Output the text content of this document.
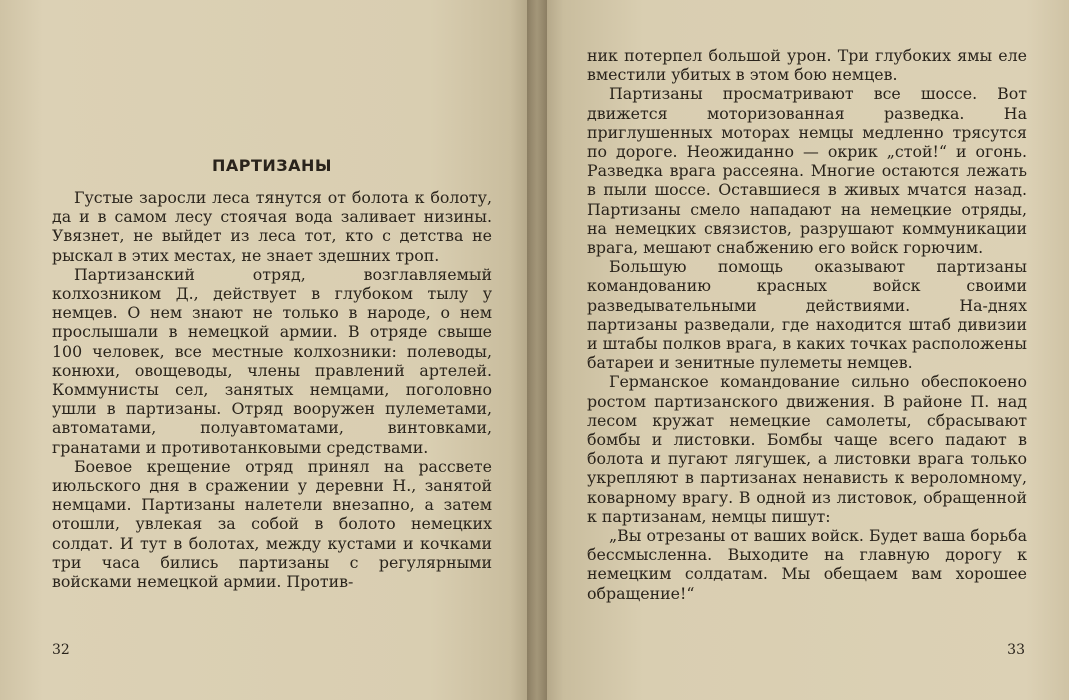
ПАРТИЗАНЫ

Густые заросли леса тянутся от болота к болоту, да и в самом лесу стоячая вода заливает низины. Увязнет, не выйдет из леса тот, кто с детства не рыскал в этих местах, не знает здешних троп.

Партизанский отряд, возглавляемый колхозником Д., действует в глубоком тылу у немцев. О нем знают не только в народе, о нем прослышали в немецкой армии. В отряде свыше 100 человек, все местные колхозники: полеводы, конюхи, овощеводы, члены правлений артелей. Коммунисты сел, занятых немцами, поголовно ушли в партизаны. Отряд вооружен пулеметами, автоматами, полуавтоматами, винтовками, гранатами и противотанковыми средствами.

Боевое крещение отряд принял на рассвете июльского дня в сражении у деревни Н., занятой немцами. Партизаны налетели внезапно, а затем отошли, увлекая за собой в болото немецких солдат. И тут в болотах, между кустами и кочками три часа бились партизаны с регулярными войсками немецкой армии. Против-

32

ник потерпел большой урон. Три глубоких ямы еле вместили убитых в этом бою немцев.

Партизаны просматривают все шоссе. Вот движется моторизованная разведка. На приглушенных моторах немцы медленно трясутся по дороге. Неожиданно — окрик „стой!“ и огонь. Разведка врага рассеяна. Многие остаются лежать в пыли шоссе. Оставшиеся в живых мчатся назад. Партизаны смело нападают на немецкие отряды, на немецких связистов, разрушают коммуникации врага, мешают снабжению его войск горючим.

Большую помощь оказывают партизаны командованию красных войск своими разведывательными действиями. На-днях партизаны разведали, где находится штаб дивизии и штабы полков врага, в каких точках расположены батареи и зенитные пулеметы немцев.

Германское командование сильно обеспокоено ростом партизанского движения. В районе П. над лесом кружат немецкие самолеты, сбрасывают бомбы и листовки. Бомбы чаще всего падают в болота и пугают лягушек, а листовки врага только укрепляют в партизанах ненависть к вероломному, коварному врагу. В одной из листовок, обращенной к партизанам, немцы пишут:

„Вы отрезаны от ваших войск. Будет ваша борьба бессмысленна. Выходите на главную дорогу к немецким солдатам. Мы обещаем вам хорошее обращение!“

33
